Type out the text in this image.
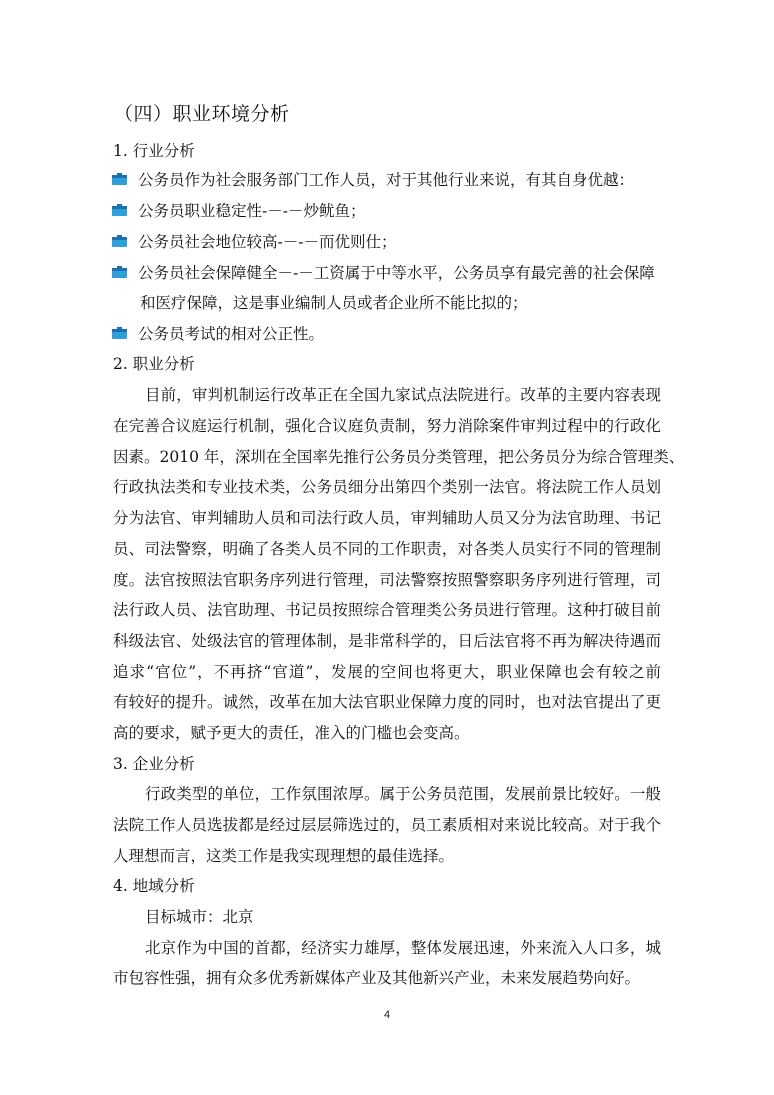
（四）职业环境分析
1. 行业分析
公务员作为社会服务部门工作人员，对于其他行业来说，有其自身优越：
公务员职业稳定性-－-－炒鱿鱼；
公务员社会地位较高-－-－而优则仕；
公务员社会保障健全－-－工资属于中等水平，公务员享有最完善的社会保障
和医疗保障，这是事业编制人员或者企业所不能比拟的；
公务员考试的相对公正性。
2. 职业分析
目前，审判机制运行改革正在全国九家试点法院进行。改革的主要内容表现
在完善合议庭运行机制，强化合议庭负责制，努力消除案件审判过程中的行政化
因素。2010 年，深圳在全国率先推行公务员分类管理，把公务员分为综合管理类、
行政执法类和专业技术类，公务员细分出第四个类别一法官。将法院工作人员划
分为法官、审判辅助人员和司法行政人员，审判辅助人员又分为法官助理、书记
员、司法警察，明确了各类人员不同的工作职责，对各类人员实行不同的管理制
度。法官按照法官职务序列进行管理，司法警察按照警察职务序列进行管理，司
法行政人员、法官助理、书记员按照综合管理类公务员进行管理。这种打破目前
科级法官、处级法官的管理体制，是非常科学的，日后法官将不再为解决待遇而
追求“官位”，不再挤“官道”，发展的空间也将更大，职业保障也会有较之前
有较好的提升。诚然，改革在加大法官职业保障力度的同时，也对法官提出了更
高的要求，赋予更大的责任，准入的门槛也会变高。
3. 企业分析
行政类型的单位，工作氛围浓厚。属于公务员范围，发展前景比较好。一般
法院工作人员选拔都是经过层层筛选过的，员工素质相对来说比较高。对于我个
人理想而言，这类工作是我实现理想的最佳选择。
4. 地域分析
目标城市：北京
北京作为中国的首都，经济实力雄厚，整体发展迅速，外来流入人口多，城
市包容性强，拥有众多优秀新媒体产业及其他新兴产业，未来发展趋势向好。
4
